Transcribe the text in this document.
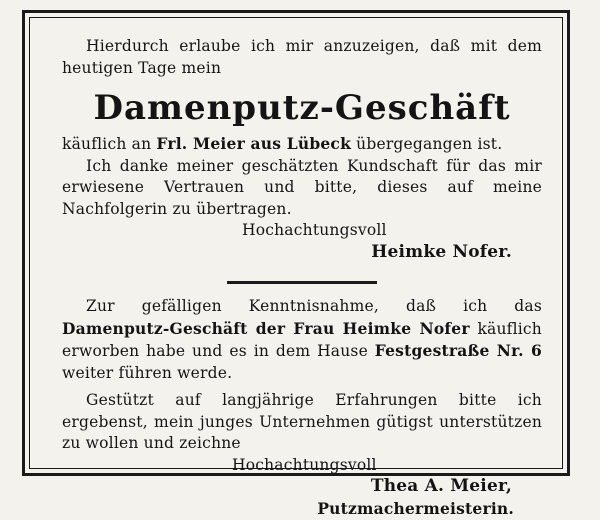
Hierdurch erlaube ich mir anzuzeigen, daß mit dem heutigen Tage mein

Damenputz-Geschäft

käuflich an Frl. Meier aus Lübeck übergegangen ist.

Ich danke meiner geschätzten Kundschaft für das mir erwiesene Vertrauen und bitte, dieses auf meine Nachfolgerin zu übertragen.

Hochachtungsvoll

Heimke Nofer.

Zur gefälligen Kenntnisnahme, daß ich das Damenputz-Geschäft der Frau Heimke Nofer käuflich erworben habe und es in dem Hause Festgestraße Nr. 6 weiter führen werde.

Gestützt auf langjährige Erfahrungen bitte ich ergebenst, mein junges Unternehmen gütigst unterstützen zu wollen und zeichne

Hochachtungsvoll

Thea A. Meier,

Putzmachermeisterin.
